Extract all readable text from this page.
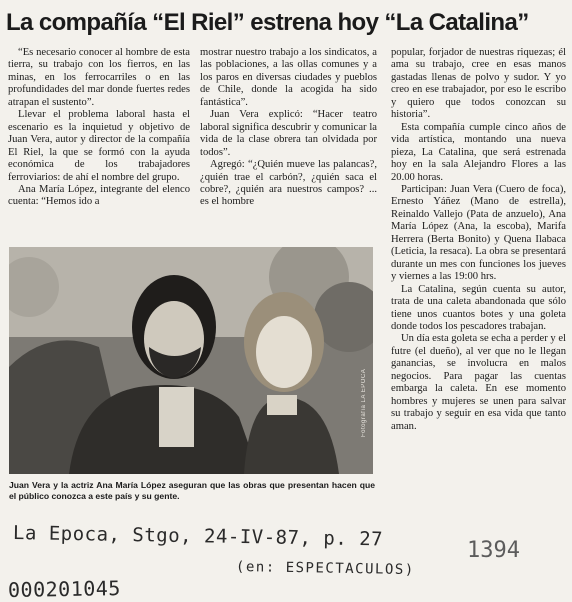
La compañía “El Riel” estrena hoy “La Catalina”

“Es necesario conocer al hombre de esta tierra, su trabajo con los fierros, en las minas, en los ferrocarriles o en las profundidades del mar donde fuertes redes atrapan el sustento”.

Llevar el problema laboral hasta el escenario es la inquietud y objetivo de Juan Vera, autor y director de la compañía El Riel, la que se formó con la ayuda económica de los trabajadores ferroviarios: de ahí el nombre del grupo.

Ana María López, integrante del elenco cuenta: “Hemos ido a

mostrar nuestro trabajo a los sindicatos, a las poblaciones, a las ollas comunes y a los paros en diversas ciudades y pueblos de Chile, donde la acogida ha sido fantástica”.

Juan Vera explicó: “Hacer teatro laboral significa descubrir y comunicar la vida de la clase obrera tan olvidada por todos”.

Agregó: “¿Quién mueve las palancas?, ¿quién trae el carbón?, ¿quién saca el cobre?, ¿quién ara nuestros campos? ... es el hombre

popular, forjador de nuestras riquezas; él ama su trabajo, cree en esas manos gastadas llenas de polvo y sudor. Y yo creo en ese trabajador, por eso le escribo y quiero que todos conozcan su historia”.

Esta compañía cumple cinco años de vida artística, montando una nueva pieza, La Catalina, que será estrenada hoy en la sala Alejandro Flores a las 20.00 horas.

Participan: Juan Vera (Cuero de foca), Ernesto Yáñez (Mano de estrella), Reinaldo Vallejo (Pata de anzuelo), Ana María López (Ana, la escoba), Marifa Herrera (Berta Bonito) y Quena Ilabaca (Leticia, la resaca). La obra se presentará durante un mes con funciones los jueves y viernes a las 19:00 hrs.

La Catalina, según cuenta su autor, trata de una caleta abandonada que sólo tiene unos cuantos botes y una goleta donde todos los pescadores trabajan.

Un día esta goleta se echa a perder y el futre (el dueño), al ver que no le llegan ganancias, se involucra en malos negocios. Para pagar las cuentas embarga la caleta. En ese momento hombres y mujeres se unen para salvar su trabajo y seguir en esa vida que tanto aman.

Fotografía LA EPOCA
Juan Vera y la actriz Ana María López aseguran que las obras que presentan hacen que el público conozca a este país y su gente.
La Epoca, Stgo, 24-IV-87, p. 27
(en: ESPECTACULOS)
1394
000201045
